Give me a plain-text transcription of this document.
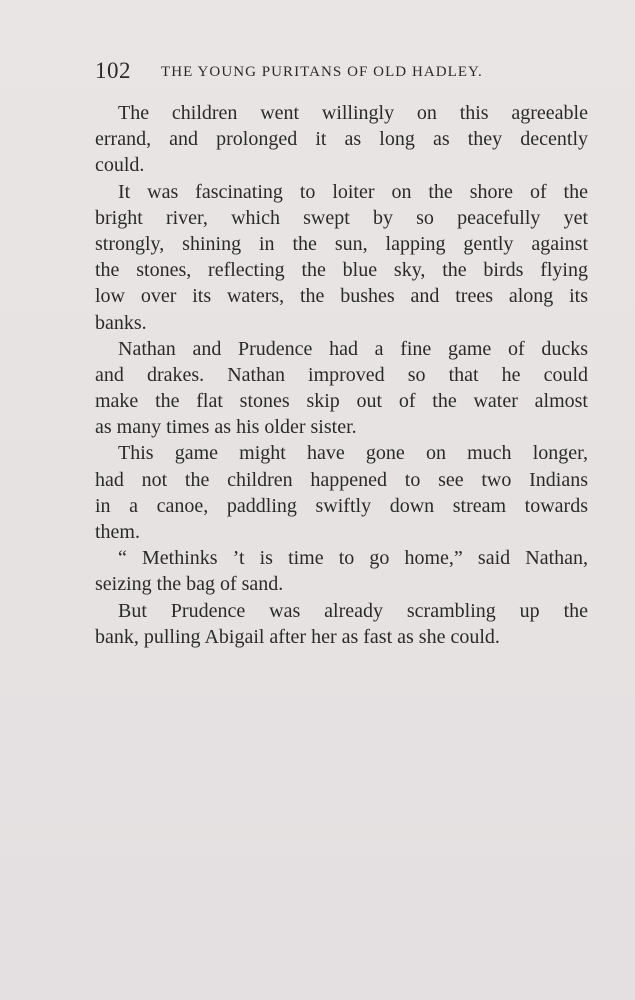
102 THE YOUNG PURITANS OF OLD HADLEY.
The children went willingly on this agreeable
errand, and prolonged it as long as they decently
could.
It was fascinating to loiter on the shore of the
bright river, which swept by so peacefully yet
strongly, shining in the sun, lapping gently against
the stones, reflecting the blue sky, the birds flying
low over its waters, the bushes and trees along its
banks.
Nathan and Prudence had a fine game of ducks
and drakes. Nathan improved so that he could
make the flat stones skip out of the water almost
as many times as his older sister.
This game might have gone on much longer,
had not the children happened to see two Indians
in a canoe, paddling swiftly down stream towards
them.
“ Methinks ’t is time to go home,” said Nathan,
seizing the bag of sand.
But Prudence was already scrambling up the
bank, pulling Abigail after her as fast as she could.
